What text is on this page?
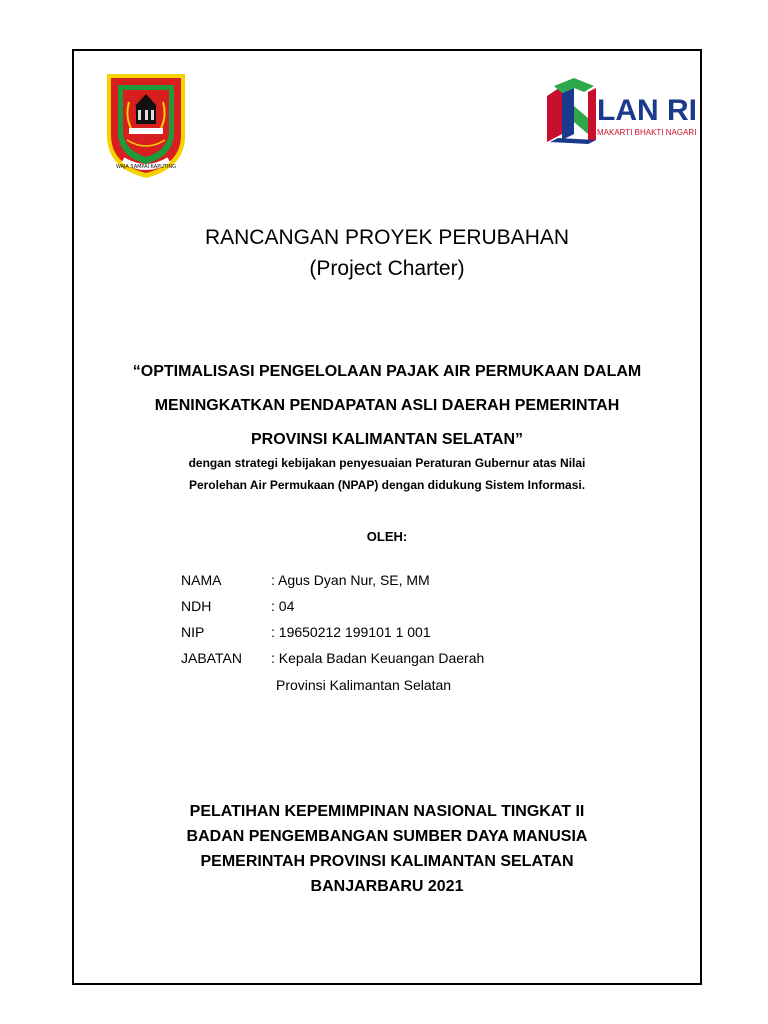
WAJA SAMPAI KAPUTING
LAN RI
MAKARTI BHAKTI NAGARI
RANCANGAN PROYEK PERUBAHAN
(Project Charter)
“OPTIMALISASI PENGELOLAAN PAJAK AIR PERMUKAAN DALAM
MENINGKATKAN PENDAPATAN ASLI DAERAH PEMERINTAH
PROVINSI KALIMANTAN SELATAN”
dengan strategi kebijakan penyesuaian Peraturan Gubernur atas Nilai
Perolehan Air Permukaan (NPAP) dengan didukung Sistem Informasi.
OLEH:
NAMA	: Agus Dyan Nur, SE, MM
NDH	: 04
NIP	: 19650212 199101 1 001
JABATAN	: Kepala Badan Keuangan Daerah
Provinsi Kalimantan Selatan
PELATIHAN KEPEMIMPINAN NASIONAL TINGKAT II
BADAN PENGEMBANGAN SUMBER DAYA MANUSIA
PEMERINTAH PROVINSI KALIMANTAN SELATAN
BANJARBARU 2021
